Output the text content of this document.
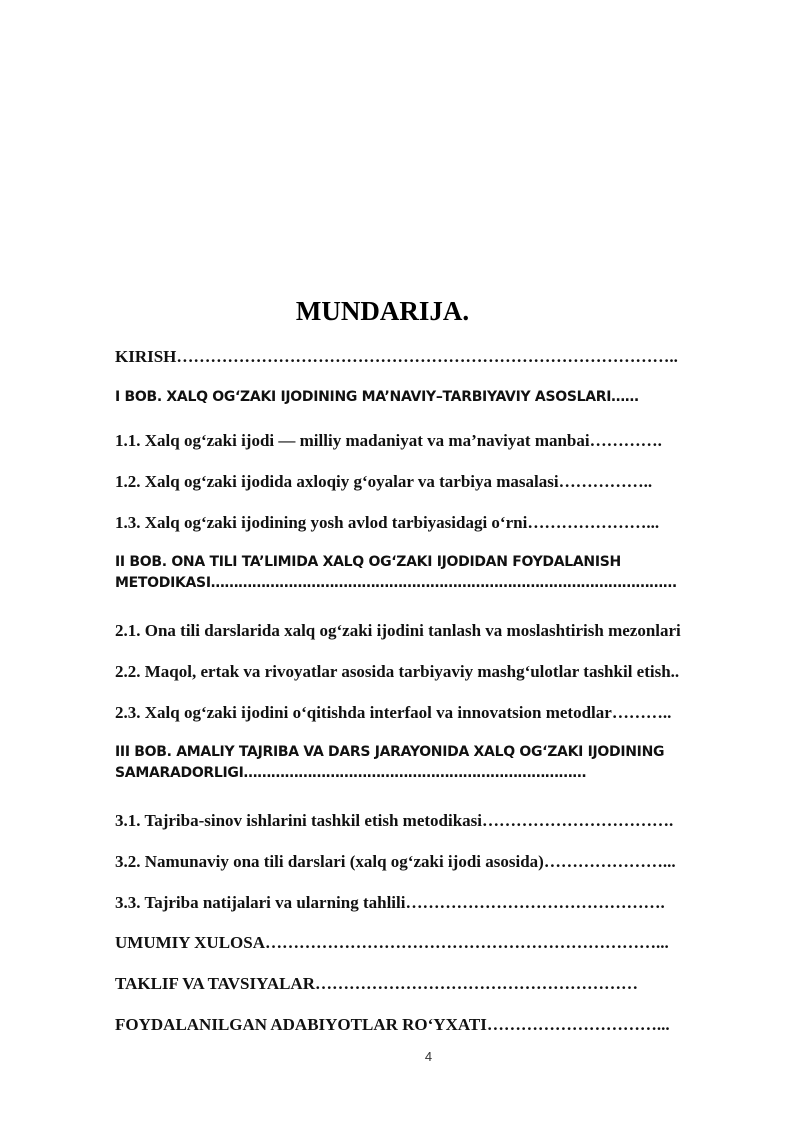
MUNDARIJA.
KIRISH……………………………………………………………………………..
I BOB. XALQ OG‘ZAKI IJODINING MA’NAVIY–TARBIYAVIY ASOSLARI……
1.1. Xalq og‘zaki ijodi — milliy madaniyat va ma’naviyat manbai………….
1.2. Xalq og‘zaki ijodida axloqiy g‘oyalar va tarbiya masalasi……………..
1.3. Xalq og‘zaki ijodining yosh avlod tarbiyasidagi o‘rni…………………...
II BOB. ONA TILI TA’LIMIDA XALQ OG‘ZAKI IJODIDAN FOYDALANISH METODIKASI…………………………………………………………………………………………
2.1. Ona tili darslarida xalq og‘zaki ijodini tanlash va moslashtirish mezonlari
2.2. Maqol, ertak va rivoyatlar asosida tarbiyaviy mashg‘ulotlar tashkil etish..
2.3. Xalq og‘zaki ijodini o‘qitishda interfaol va innovatsion metodlar………..
III BOB. AMALIY TAJRIBA VA DARS JARAYONIDA XALQ OG‘ZAKI IJODINING SAMARADORLIGI…………………………………………………………………
3.1. Tajriba-sinov ishlarini tashkil etish metodikasi…………………………….
3.2. Namunaviy ona tili darslari (xalq og‘zaki ijodi asosida)…………………...
3.3. Tajriba natijalari va ularning tahlili……………………………………….
UMUMIY XULOSA……………………………………………………………...
TAKLIF VA TAVSIYALAR…………………………………………………
FOYDALANILGAN ADABIYOTLAR RO‘YXATI…………………………...
4
